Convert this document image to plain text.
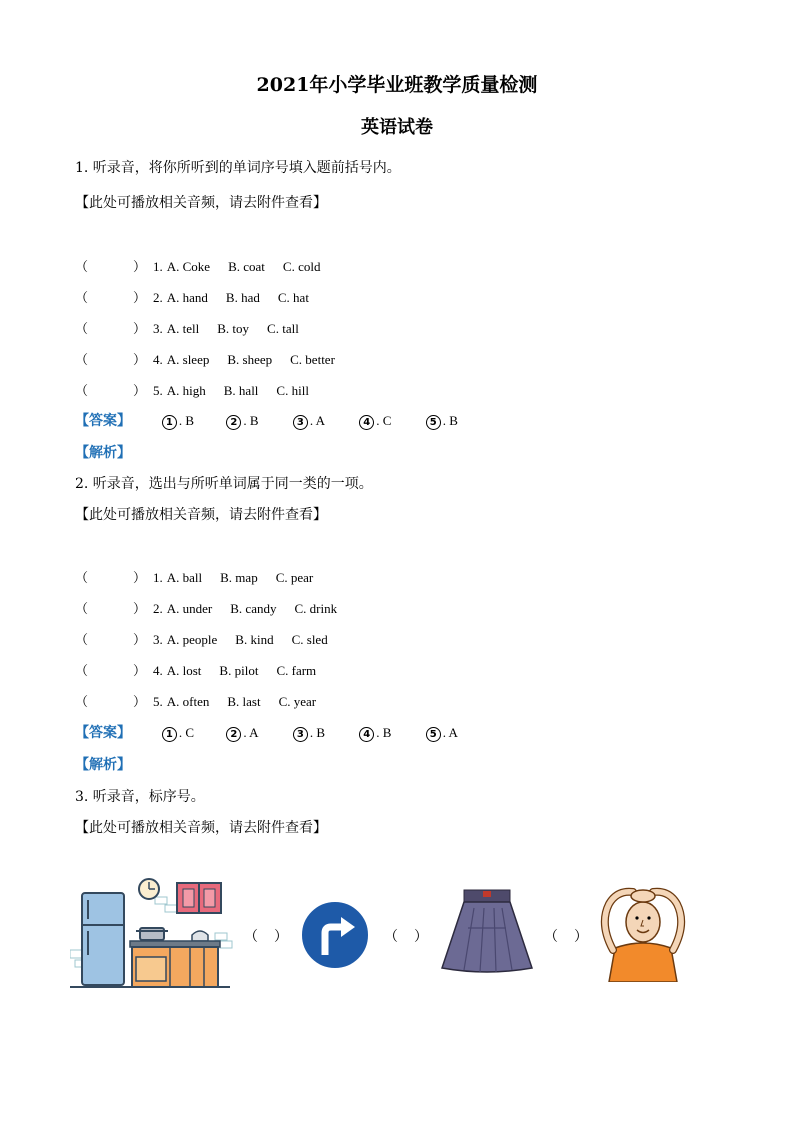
2021年小学毕业班教学质量检测
英语试卷
1. 听录音，将你所听到的单词序号填入题前括号内。
【此处可播放相关音频，请去附件查看】
（	） 1. A. Coke B. coat C. cold
（	） 2. A. hand B. had C. hat
（	） 3. A. tell B. toy C. tall
（	） 4. A. sleep B. sheep C. better
（	） 5. A. high B. hall C. hill
【答案】	1 . B	2 . B	3 . A	4 . C	5 . B
【解析】
2. 听录音，选出与所听单词属于同一类的一项。
【此处可播放相关音频，请去附件查看】
（	） 1. A. ball B. map C. pear
（	） 2. A. under B. candy C. drink
（	） 3. A. people B. kind C. sled
（	） 4. A. lost B. pilot C. farm
（	） 5. A. often B. last C. year
【答案】	1 . C	2 . A	3 . B	4 . B	5 . A
【解析】
3. 听录音，标序号。
【此处可播放相关音频，请去附件查看】
（ ）	（ ）	（ ）
